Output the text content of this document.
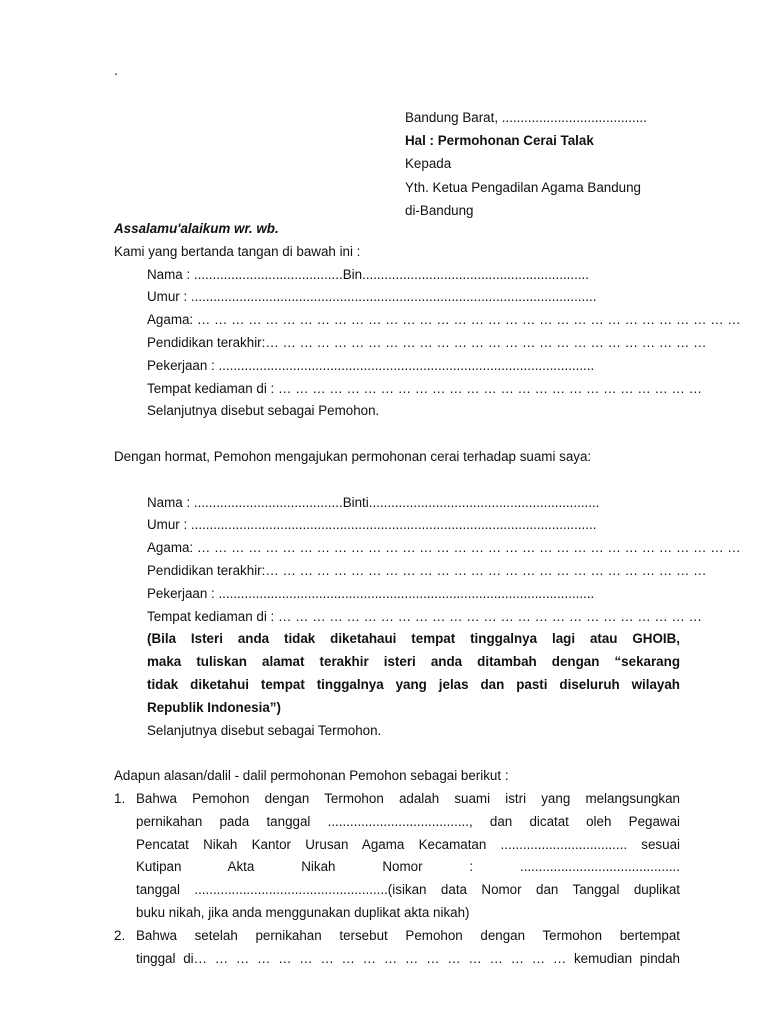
.
Bandung Barat, .......................................
Hal : Permohonan Cerai Talak
Kepada
Yth. Ketua Pengadilan Agama Bandung
di-Bandung
Assalamu'alaikum wr. wb.
Kami yang bertanda tangan di bawah ini :
Nama : ........................................Bin.............................................................
Umur : .............................................................................................................
Agama: … … … … … … … … … … … … … … … … … … … … … … … … … … … … … … … …
Pendidikan terakhir:… … … … … … … … … … … … … … … … … … … … … … … … … …
Pekerjaan : .....................................................................................................
Tempat kediaman di : … … … … … … … … … … … … … … … … … … … … … … … … …
Selanjutnya disebut sebagai Pemohon.
Dengan hormat, Pemohon mengajukan permohonan cerai terhadap suami saya:
Nama : ........................................Binti..............................................................
Umur : .............................................................................................................
Agama: … … … … … … … … … … … … … … … … … … … … … … … … … … … … … … … …
Pendidikan terakhir:… … … … … … … … … … … … … … … … … … … … … … … … … …
Pekerjaan : .....................................................................................................
Tempat kediaman di : … … … … … … … … … … … … … … … … … … … … … … … … …
(Bila Isteri anda tidak diketahaui tempat tinggalnya lagi atau GHOIB,
maka tuliskan alamat terakhir isteri anda ditambah dengan “sekarang
tidak diketahui tempat tinggalnya yang jelas dan pasti diseluruh wilayah
Republik Indonesia”)
Selanjutnya disebut sebagai Termohon.
Adapun alasan/dalil - dalil permohonan Pemohon sebagai berikut :
1. Bahwa Pemohon dengan Termohon adalah suami istri yang melangsungkan
pernikahan pada tanggal ......................................, dan dicatat oleh Pegawai
Pencatat Nikah Kantor Urusan Agama Kecamatan .................................. sesuai
Kutipan Akta Nikah Nomor : ...........................................
tanggal ....................................................(isikan data Nomor dan Tanggal duplikat
buku nikah, jika anda menggunakan duplikat akta nikah)
2. Bahwa setelah pernikahan tersebut Pemohon dengan Termohon bertempat
tinggal di… … … … … … … … … … … … … … … … … … kemudian pindah
